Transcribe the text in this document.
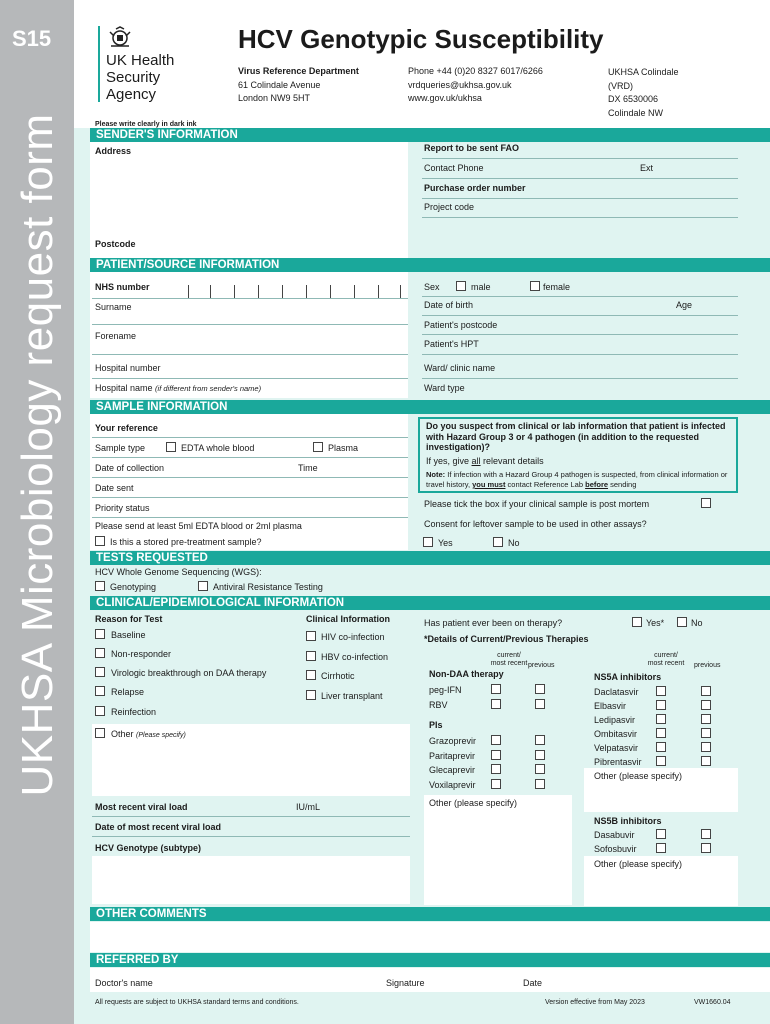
S15
UKHSA Microbiology request form
UK Health
Security
Agency
HCV Genotypic Susceptibility
Virus Reference Department
61 Colindale Avenue
London NW9 5HT
Phone +44 (0)20 8327 6017/6266
vrdqueries@ukhsa.gov.uk
www.gov.uk/ukhsa
UKHSA Colindale
(VRD)
DX 6530006
Colindale NW
Please write clearly in dark ink
SENDER'S INFORMATION
Address
Postcode
Report to be sent FAO
Contact Phone	Ext
Purchase order number
Project code
PATIENT/SOURCE INFORMATION
NHS number
Surname
Forename
Hospital number
Hospital name (if different from sender's name)
Sex	male	female
Date of birth	Age
Patient's postcode
Patient's HPT
Ward/ clinic name
Ward type
SAMPLE INFORMATION
Your reference
Sample type	EDTA whole blood	Plasma
Date of collection	Time
Date sent
Priority status
Please send at least 5ml EDTA blood or 2ml plasma
Is this a stored pre-treatment sample?
Do you suspect from clinical or lab information that patient is infected with Hazard Group 3 or 4 pathogen (in addition to the requested investigation)?
If yes, give all relevant details
Note: If infection with a Hazard Group 4 pathogen is suspected, from clinical information or travel history, you must contact Reference Lab before sending
Please tick the box if your clinical sample is post mortem
Consent for leftover sample to be used in other assays?
Yes	No
TESTS REQUESTED
HCV Whole Genome Sequencing (WGS):
Genotyping	Antiviral Resistance Testing
CLINICAL/EPIDEMIOLOGICAL INFORMATION
Reason for Test
Baseline
Non-responder
Virologic breakthrough on DAA therapy
Relapse
Reinfection
Other (Please specify)
Clinical Information
HIV co-infection
HBV co-infection
Cirrhotic
Liver transplant
Most recent viral load	IU/mL
Date of most recent viral load
HCV Genotype (subtype)
Has patient ever been on therapy?	Yes*	No
*Details of Current/Previous Therapies
current/
most recent previous
current/
most recent	previous
Non-DAA therapy
peg-IFN
RBV
PIs
Grazoprevir
Paritaprevir
Glecaprevir
Voxilaprevir
Other (please specify)
NS5A inhibitors
Daclatasvir
Elbasvir
Ledipasvir
Ombitasvir
Velpatasvir
Pibrentasvir
Other (please specify)
NS5B inhibitors
Dasabuvir
Sofosbuvir
Other (please specify)
OTHER COMMENTS
REFERRED BY
Doctor's name	Signature	Date
All requests are subject to UKHSA standard terms and conditions.	Version effective from May 2023	VW1660.04
